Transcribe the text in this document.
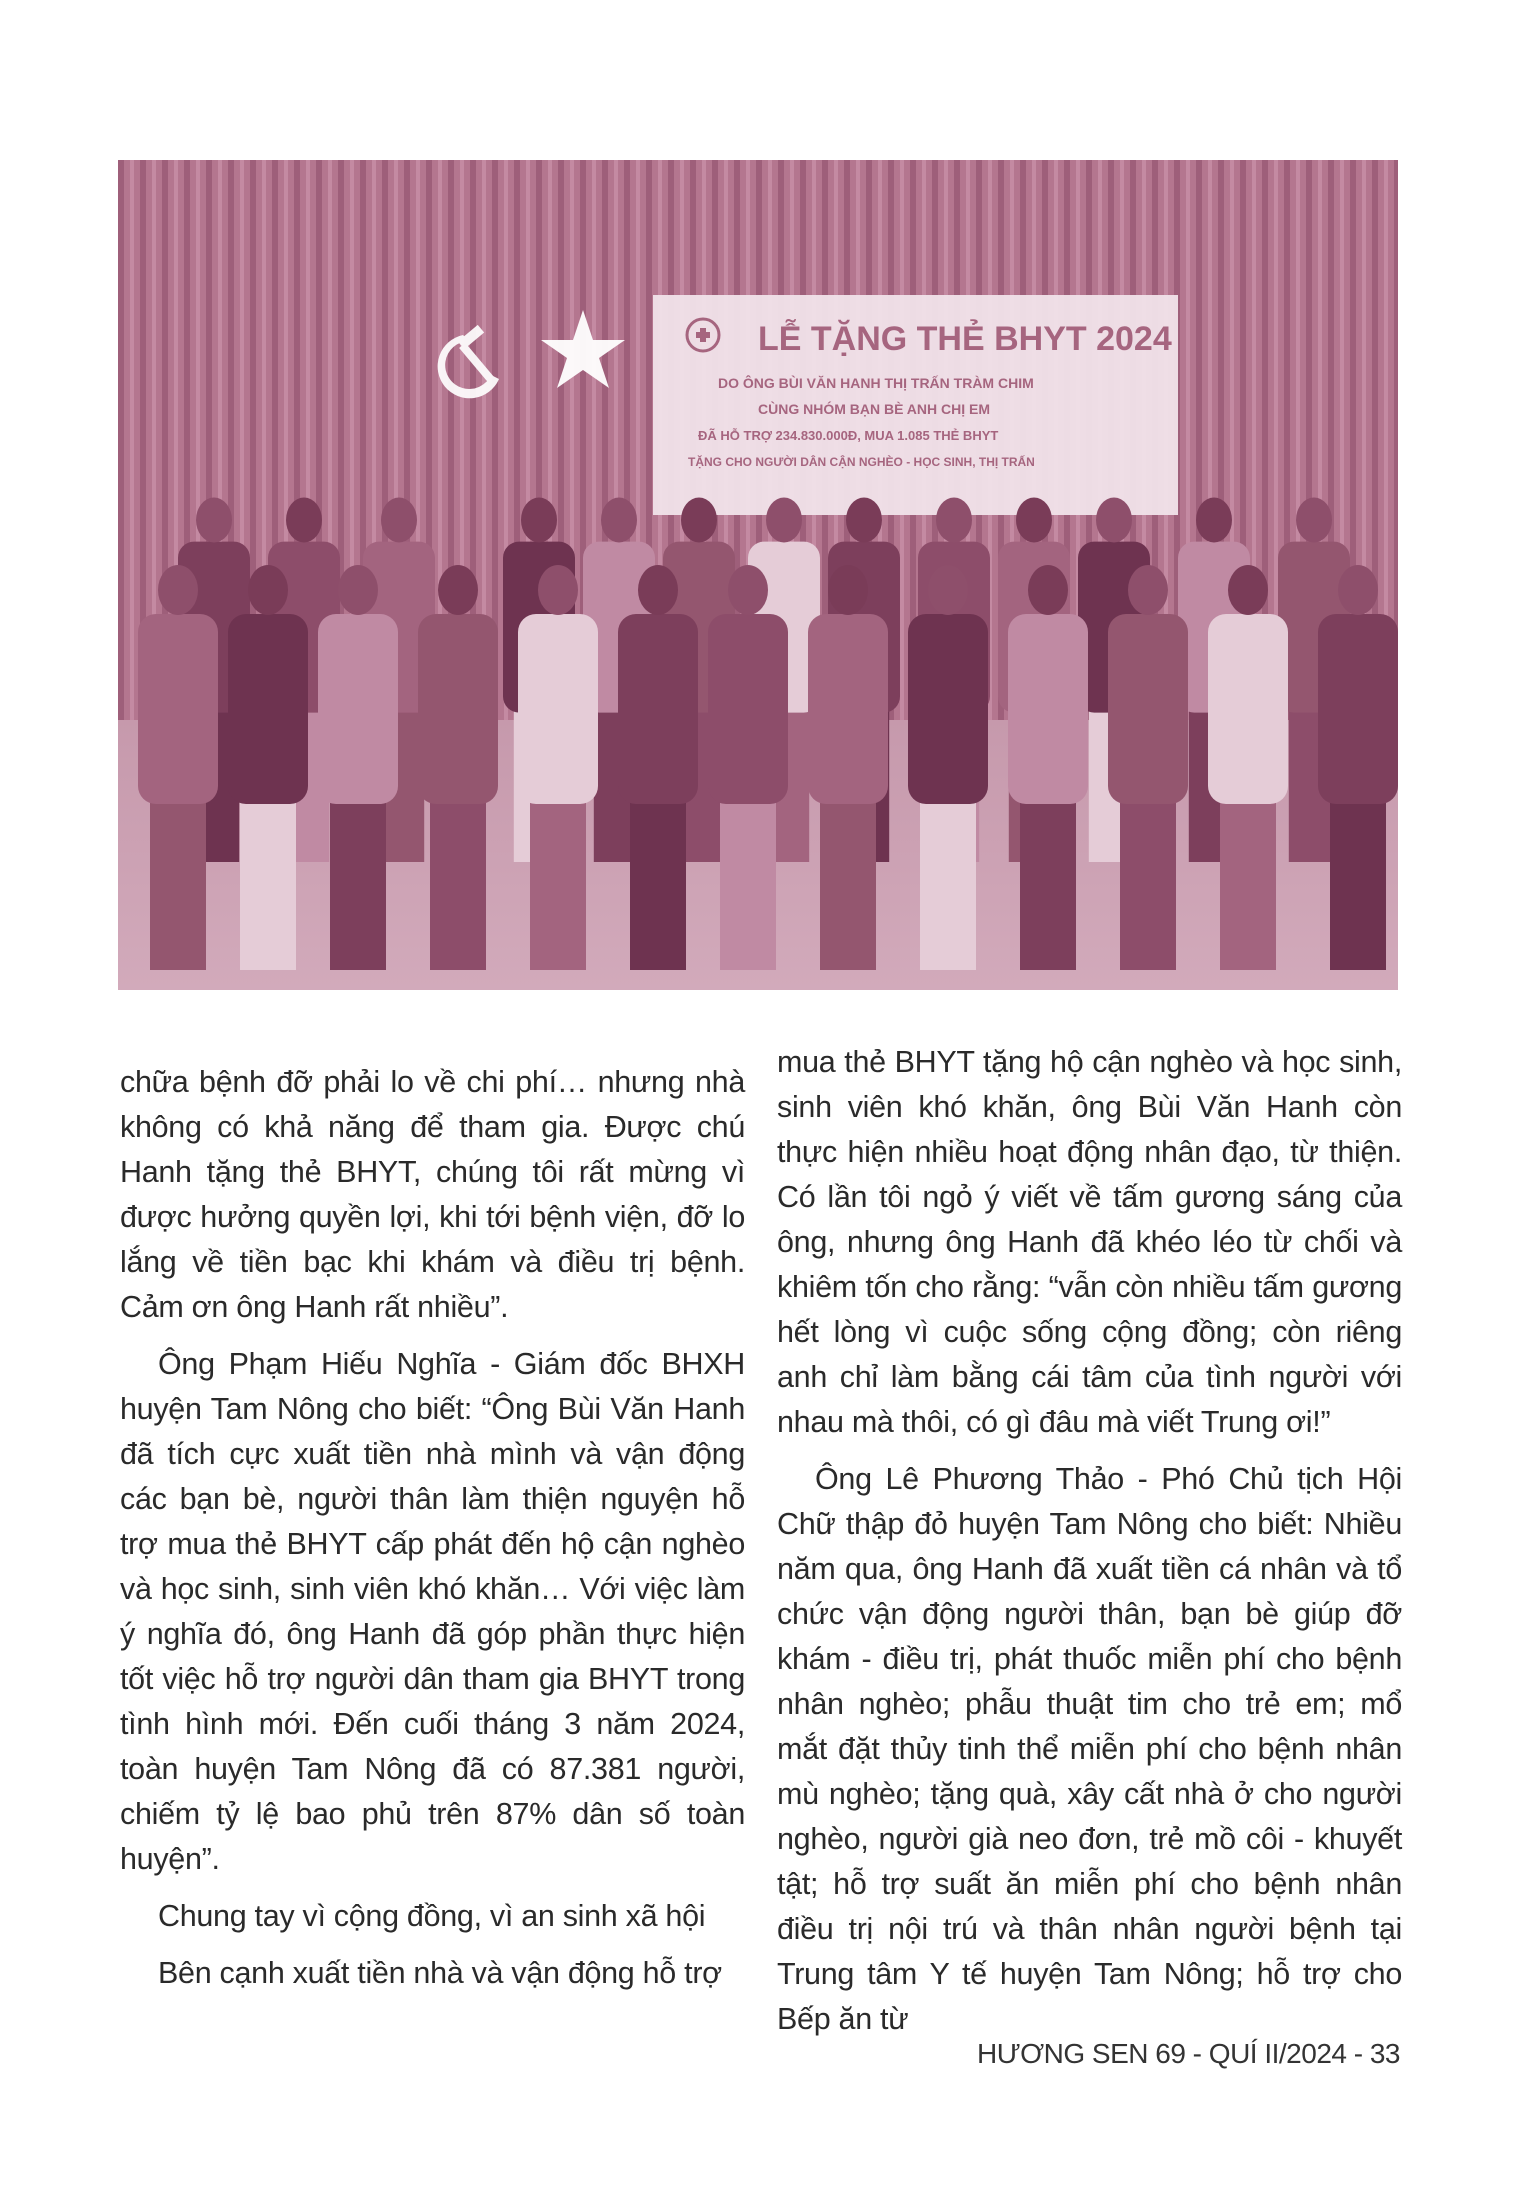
LỄ TẶNG THẺ BHYT 2024
DO ÔNG BÙI VĂN HANH THỊ TRẤN TRÀM CHIM
CÙNG NHÓM BẠN BÈ ANH CHỊ EM
ĐÃ HỖ TRỢ 234.830.000Đ, MUA 1.085 THẺ BHYT
TẶNG CHO NGƯỜI DÂN CẬN NGHÈO - HỌC SINH, THỊ TRẤN

chữa bệnh đỡ phải lo về chi phí… nhưng nhà không có khả năng để tham gia. Được chú Hanh tặng thẻ BHYT, chúng tôi rất mừng vì được hưởng quyền lợi, khi tới bệnh viện, đỡ lo lắng về tiền bạc khi khám và điều trị bệnh. Cảm ơn ông Hanh rất nhiều”.

Ông Phạm Hiếu Nghĩa - Giám đốc BHXH huyện Tam Nông cho biết: “Ông Bùi Văn Hanh đã tích cực xuất tiền nhà mình và vận động các bạn bè, người thân làm thiện nguyện hỗ trợ mua thẻ BHYT cấp phát đến hộ cận nghèo và học sinh, sinh viên khó khăn… Với việc làm ý nghĩa đó, ông Hanh đã góp phần thực hiện tốt việc hỗ trợ người dân tham gia BHYT trong tình hình mới. Đến cuối tháng 3 năm 2024, toàn huyện Tam Nông đã có 87.381 người, chiếm tỷ lệ bao phủ trên 87% dân số toàn huyện”.

Chung tay vì cộng đồng, vì an sinh xã hội

Bên cạnh xuất tiền nhà và vận động hỗ trợ

mua thẻ BHYT tặng hộ cận nghèo và học sinh, sinh viên khó khăn, ông Bùi Văn Hanh còn thực hiện nhiều hoạt động nhân đạo, từ thiện. Có lần tôi ngỏ ý viết về tấm gương sáng của ông, nhưng ông Hanh đã khéo léo từ chối và khiêm tốn cho rằng: “vẫn còn nhiều tấm gương hết lòng vì cuộc sống cộng đồng; còn riêng anh chỉ làm bằng cái tâm của tình người với nhau mà thôi, có gì đâu mà viết Trung ơi!”

Ông Lê Phương Thảo - Phó Chủ tịch Hội Chữ thập đỏ huyện Tam Nông cho biết: Nhiều năm qua, ông Hanh đã xuất tiền cá nhân và tổ chức vận động người thân, bạn bè giúp đỡ khám - điều trị, phát thuốc miễn phí cho bệnh nhân nghèo; phẫu thuật tim cho trẻ em; mổ mắt đặt thủy tinh thể miễn phí cho bệnh nhân mù nghèo; tặng quà, xây cất nhà ở cho người nghèo, người già neo đơn, trẻ mồ côi - khuyết tật; hỗ trợ suất ăn miễn phí cho bệnh nhân điều trị nội trú và thân nhân người bệnh tại Trung tâm Y tế huyện Tam Nông; hỗ trợ cho Bếp ăn từ

HƯƠNG SEN 69 - QUÍ II/2024 - 33
